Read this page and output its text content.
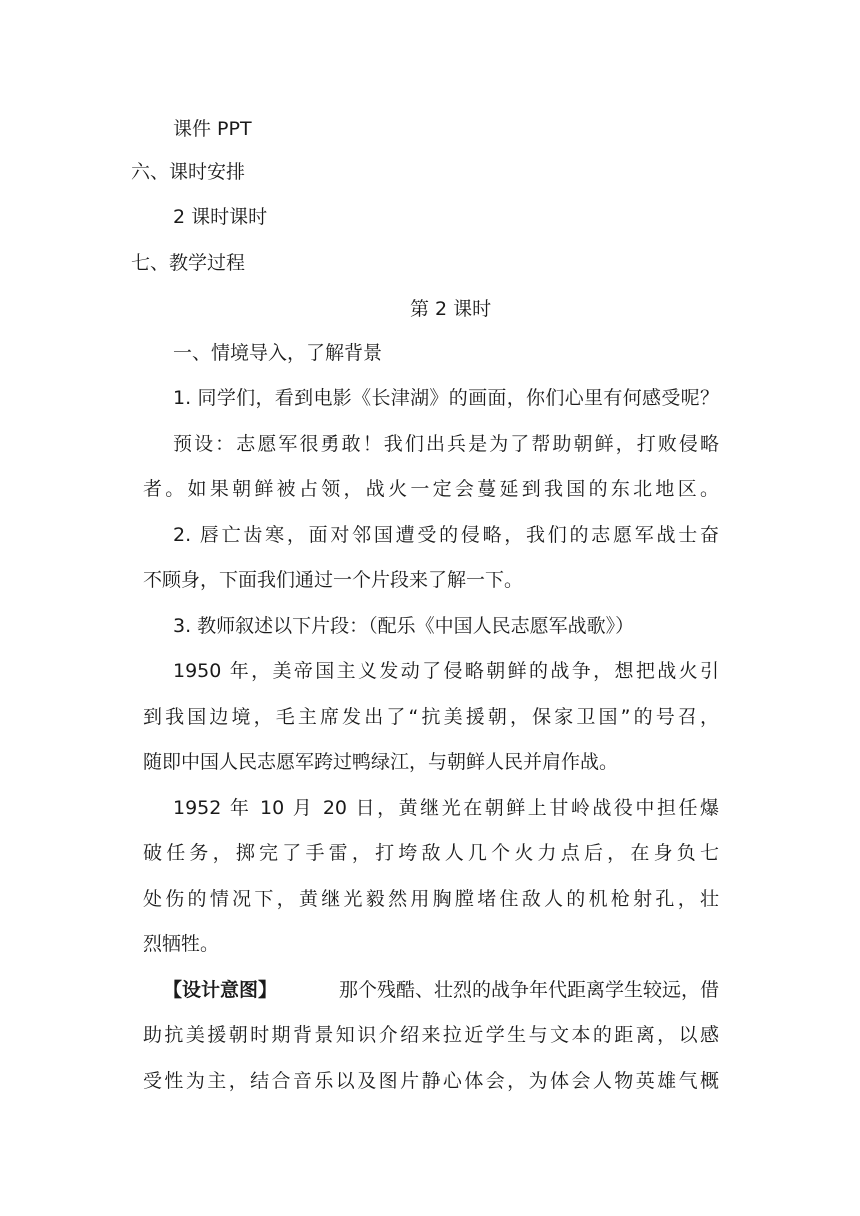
课件 PPT
六、课时安排
2 课时课时
七、教学过程
第 2 课时
一、情境导入，了解背景
1. 同学们，看到电影《长津湖》的画面，你们心里有何感受呢？
预设：志愿军很勇敢！我们出兵是为了帮助朝鲜，打败侵略
者。如果朝鲜被占领，战火一定会蔓延到我国的东北地区。
2. 唇亡齿寒，面对邻国遭受的侵略，我们的志愿军战士奋
不顾身，下面我们通过一个片段来了解一下。
3. 教师叙述以下片段：（配乐《中国人民志愿军战歌》）
1950 年，美帝国主义发动了侵略朝鲜的战争，想把战火引
到我国边境，毛主席发出了“抗美援朝，保家卫国”的号召，
随即中国人民志愿军跨过鸭绿江，与朝鲜人民并肩作战。
1952 年 10 月 20 日，黄继光在朝鲜上甘岭战役中担任爆
破任务，掷完了手雷，打垮敌人几个火力点后，在身负七
处伤的情况下，黄继光毅然用胸膛堵住敌人的机枪射孔，壮
烈牺牲。
【设计意图】	那个残酷、壮烈的战争年代距离学生较远，借
助抗美援朝时期背景知识介绍来拉近学生与文本的距离，以感
受性为主，结合音乐以及图片静心体会，为体会人物英雄气概
